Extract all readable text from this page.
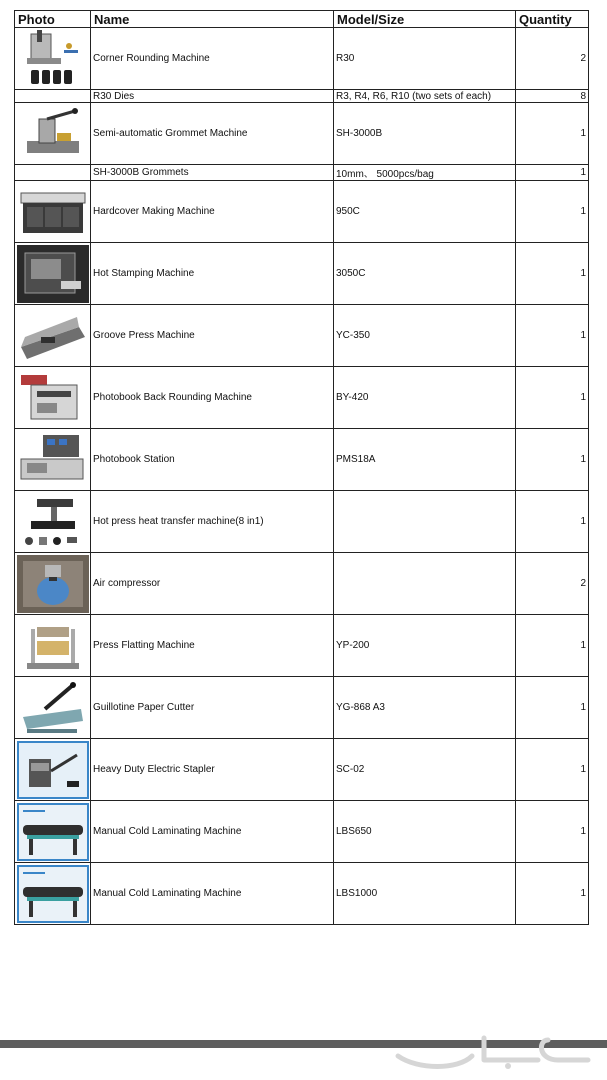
Photo	Name	Model/Size	Quantity

	Corner Rounding Machine	R30	2
	R30 Dies	R3, R4, R6, R10 (two sets of each)	8

	Semi-automatic Grommet Machine	SH-3000B	1
	SH-3000B Grommets	10mm、 5000pcs/bag	1

	Hardcover Making Machine	950C	1

	Hot Stamping Machine	3050C	1

	Groove Press Machine	YC-350	1

	Photobook Back Rounding Machine	BY-420	1

	Photobook Station	PMS18A	1

	Hot press heat transfer machine(8 in1)		1

	Air compressor		2

	Press Flatting Machine	YP-200	1

	Guillotine Paper Cutter	YG-868 A3	1

	Heavy Duty Electric Stapler	SC-02	1

	Manual Cold Laminating Machine	LBS650	1

	Manual Cold Laminating Machine	LBS1000	1
